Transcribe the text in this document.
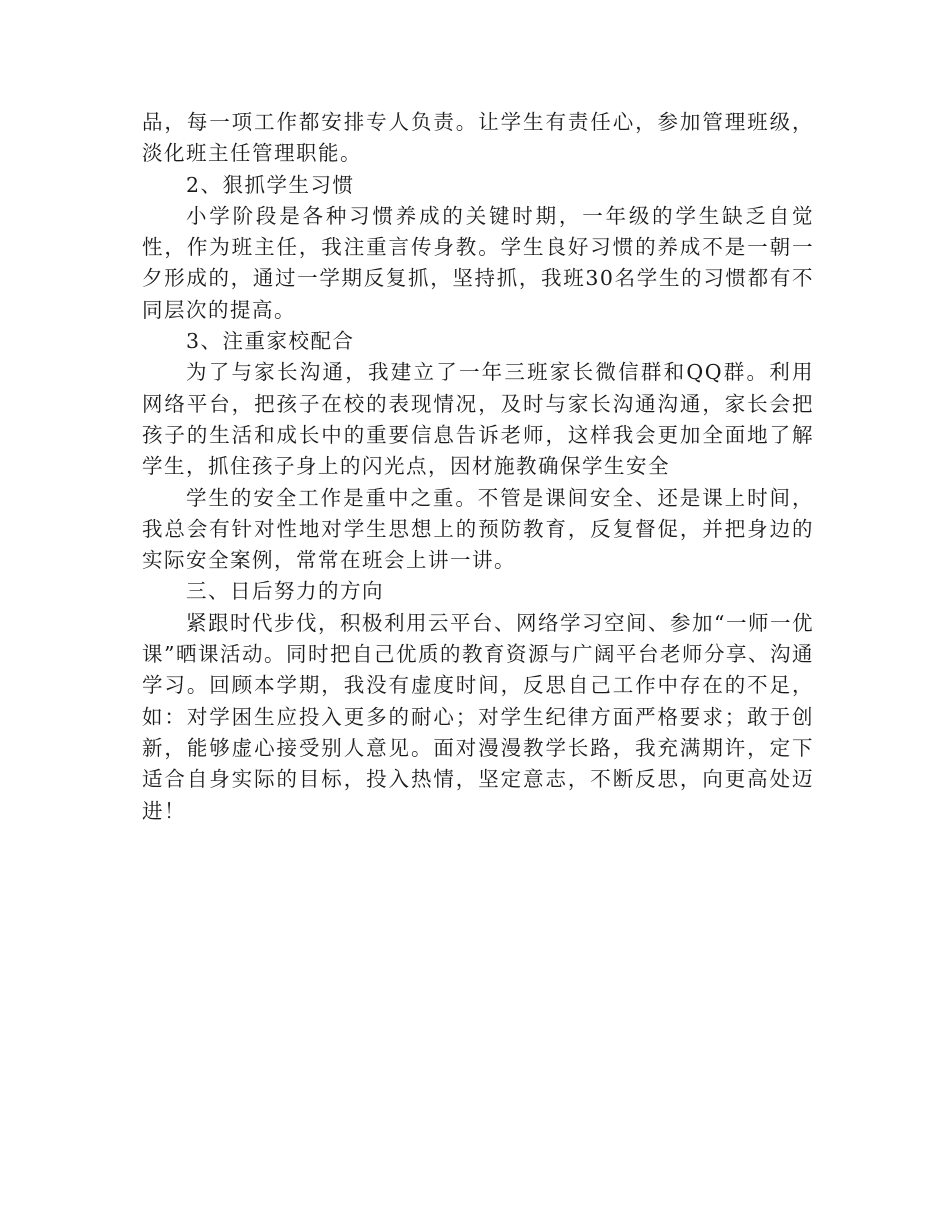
品，每一项工作都安排专人负责。让学生有责任心，参加管理班级，淡化班主任管理职能。

2、狠抓学生习惯

小学阶段是各种习惯养成的关键时期，一年级的学生缺乏自觉性，作为班主任，我注重言传身教。学生良好习惯的养成不是一朝一夕形成的，通过一学期反复抓，坚持抓，我班30名学生的习惯都有不同层次的提高。

3、注重家校配合

为了与家长沟通，我建立了一年三班家长微信群和QQ群。利用网络平台，把孩子在校的表现情况，及时与家长沟通沟通，家长会把孩子的生活和成长中的重要信息告诉老师，这样我会更加全面地了解学生，抓住孩子身上的闪光点，因材施教确保学生安全

学生的安全工作是重中之重。不管是课间安全、还是课上时间，我总会有针对性地对学生思想上的预防教育，反复督促，并把身边的实际安全案例，常常在班会上讲一讲。

三、日后努力的方向

紧跟时代步伐，积极利用云平台、网络学习空间、参加“一师一优课”晒课活动。同时把自己优质的教育资源与广阔平台老师分享、沟通学习。回顾本学期，我没有虚度时间，反思自己工作中存在的不足，如：对学困生应投入更多的耐心；对学生纪律方面严格要求；敢于创新，能够虚心接受别人意见。面对漫漫教学长路，我充满期许，定下适合自身实际的目标，投入热情，坚定意志，不断反思，向更高处迈进！
